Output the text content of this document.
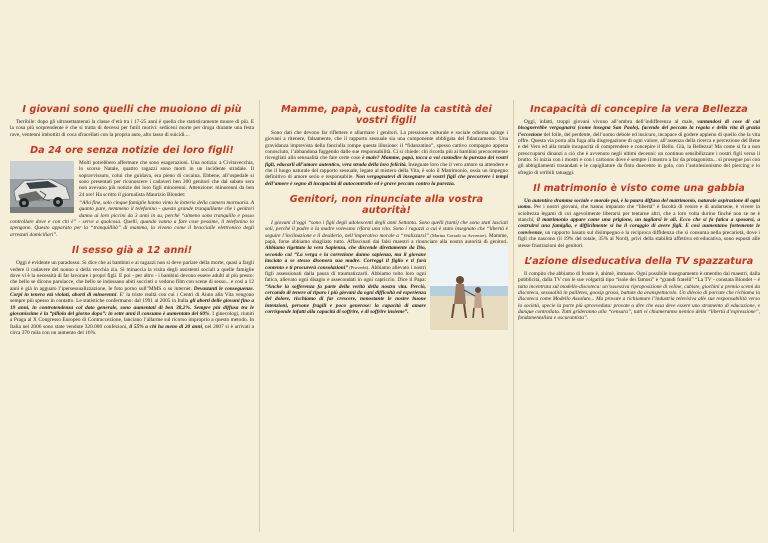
I giovani sono quelli che muoiono di più

Terribile: dopo gli ultrasettantenni la classe d’età tra i 17-25 anni è quella che statisticamente muore di più. E la cosa più sorprendente è che si tratta di decessi per futili motivi: sediceni morte per droga durante una festa rave, ventenni imbottiti di coca sfracellati con la propria auto, alto tasso di suicidi....

Da 24 ore senza notizie dei loro figli!

Molti potrebbero affermare che sono esagerazioni. Una notizia: a Civitavecchia, lo scorso Natale, quattro ragazzi sono morti in un incidente stradale. Il sopravvissuto, colui che guidava, era pieno di cocaina. Ebbene, all’ospedale si sono presentati per riconoscere i cadaveri ben 300 genitori che dal sabato sera non avevano più notizie dei loro figli minorenni. Attenzione: minorenni da ben 24 ore! Ha scritto il giornalista Maurizio Blondet:

“Alla fine, solo cinque famiglie hanno vinto la lotteria della camera mortuaria. A quanto pare, nemmeno il telefonino - questo grande tranquillante che i genitori danno ai loro piccini da 3 anni in su, perché “almeno sono tranquillo e posso controllare dove e con chi è” - serve a qualcosa. Quelli, quando vanno a fare cose pessime, il telefonino lo spengono. Questo apparato per la “tranquillità” di mamma, la vivono come il braccialle elettronico degli arrestati domiciliari”.

Il sesso già a 12 anni!

Oggi è evidente un paradosso. Si dice che ai bambini e ai ragazzi non si deve parlare della morte, quasi a fargli vedere il cadavere del nonno o della vecchia zia. Si minaccia la visita degli assistenti sociali a quelle famiglie dove vi è la necessità di far lavorare i propri figli. E poi - per altro - i bambini devono essere adulti al più presto: che bello se dicono parolacce, che bello se indossano abiti succinti o vedono film con scene di sesso... e così a 12 anni è già in agguato l’ipersessualizzazione, le foto porno sull”MMS o su internet. Devastanti le conseguenze. Corpi in tenera età violati, aborti di minorenni. E’ la triste realtà con cui i Centri di Aiuto alla Vita vengono sempre più spesso in contatto. Le statistiche confermano: dal 1991 al 2005 in Italia gli aborti delle giovani fino a 19 anni, in controtendenza col dato generale, sono aumentati di ben 38,2%. Sempre più diffusa tra le giovanissime è la “pillola del giorno dopo”: in sette anni il consumo è aumentato del 60%. I ginecologi, riuniti a Praga al X Congresso Europeo di Contraccezione, lanciano l’allarme sul ricorso improprio a questo metodo. In Italia nel 2006 sono state vendute 320.000 confezioni, il 55% a chi ha meno di 20 anni, nel 2007 si è arrivati a circa 370 mila con un aumento del 16%.

Mamme, papà, custodite la castità dei vostri figli!

Sono dati che devono far riflettere e allarmare i genitori. La pressione culturale e sociale odierna spinge i giovani a ritenere, falsamente, che il rapporto sessuale sia una componente obbligata del fidanzamento. Una gravidanza imprevista della fanciulla rompe questa illusione: il “fidanzatino”, spesso cattivo compagno appena conosciuto, l’abbandona fuggendo dalle sue responsabilità. Ci si chiede: chi ricorda più ai bambini precocemente risvegliati alla sensualità che fare certe cose è male? Mamme, papà, tocca a voi custodire la purezza dei vostri figli, educarli all’amore autentico, vera strada della loro felicità. Insegnate loro che il vero amore sa attendere e che il luogo naturale del rapporto sessuale, legato al mistero della Vita, è solo il Matrimonio, ossia un impegno definitivo di amore serio e responsabile. Non vergognatevi di insegnare ai vostri figli che precorrere i tempi dell’amore è segno di incapacità di autocontrollo ed è grave peccato contro la purezza.

Genitori, non rinunciate alla vostra autorità!

I giovani d’oggi “sono i figli degli adolescenti degli anni Settanta. Sono quelli (tanti) che sono stati lasciati soli, perché il padre o la madre volevano rifarsi una vita. Sono i ragazzi a cui è stato insegnato che “libertà è seguire l’inclinazione e il desiderio, nell’imperativo morale a “realizzarsi” (Marina Corradi su Avvenire). Mamme, papà, forse abbiamo sbagliato tutto. Affascinati dai falsi maestri a rinunciare alla nostra autorità di genitori.
Abbiamo rigettato la vera Sapienza, che discende direttamente da Dio, secondo cui “La verga e la correzione danno sapienza, ma il giovane lasciato a se stesso disonora sua madre. Correggi il figlio e ti farà contento e ti procurerà consolazioni” (Proverbi). Abbiamo allevato i nostri figli assessionati dalla paura di traumatizzarli. Abbiamo tolto loro ogni fatica, allevato ogni disagio e assecondati in ogni capriccio. Dice il Papa: “Anche la sofferenza fa parte della verità della nostra vita. Perciò, cercando di tenere al riparo i più giovani da ogni difficoltà ed esperienza del dolore, rischiamo di far crescere, nonostante le nostre buone intenzioni, persone fragili e poco generose: la capacità di amare corrisponde infatti alla capacità di soffrire, e di soffrire insieme”.

Incapacità di concepire la vera Bellezza

Oggi, infatti, troppi giovani vivono all’ombra dell’indifferenza al male, vantandosi di cose di cui bisognerebbe vergognarsi (come insegna San Paolo), facendo del peccato la regola e della vita di grazia l’eccezione del folle, del perdente, dell’uomo debole ed insicuro, incapace di godere appieno di quello che la vita offre. Questa via porta alla fuga alla disgregazione di ogni valore, all’assenza della ricerca e percezione del Bene e del Vero ed alla totale incapacità di comprendere e concepire il Bello. Già, la Bellezza! Ma come si fa a non preoccuparsi dinanzi a ciò che è avvenuto negli ultimi decenni: un continuo sensibilizzare i nostri figli verso il brutto. Si inizia con i mostri e con i cartoons dove è sempre il mostro a far da protagonista... si prosegue poi con gli abbigliamenti trasandati e le capigliature da finto duecento in gola, con l’autolesionismo del piercing e lo sfregio di orribili tatuaggi.

Il matrimonio è visto come una gabbia

Un autentico dramma sociale e morale poi, è la paura diffusa del matrimonio, naturale aspirazione di ogni uomo. Per i nostri giovani, che hanno imparato che “libertà” è facoltà di venire e di andarsene, è vivere in scioltezza legami di cui agevolmente liberarsi per tentarne altri, che a loro volta durino finché non se ne è stanchi, il matrimonio appare come una prigione, un tagliarsi le ali. Ecco che si fa fatica a sposarsi, a costruirsi una famiglia, e difficilmente si ha il coraggio di avere figli. E così aumentano fortemente le convivenze, un rapporto basato sul disimpegno e la reciproca diffidenza che si consuma nella precarietà, dove i figli che nascono (il 19% del totale, 35% al Nord), privi della stabilità affettiva ed educativa, sono esposti alle stesse frustrazioni dei genitori.

L’azione diseducativa della TV spazzatura

Il compito che abbiamo di fronte è, ahimè, immane. Ogni possibile insegnamento è smentito dai maestri, dalla pubblicità, dalla TV con le sue volgarità tipo “isole dei famosi” e “grandi fratelli” “La TV - constata Blondet – è tutta incentrata sul modello-discoteca: un’ossessiva riproposizione di veline, cubiste, giochini a premio scemi da discoteca, sessualità in pailletes, goosip grossi, battute da avanspettacolo. Un dileoio di porcate che richiama la discoteca come Modello Assoluto... Ma provate a richiamare l’industria televisiva alle sue responsabilità verso la società, specie la parte più sprovveduta: provate a dire che essa deve essere uno strumento di educazione, e dunque controllata. Tutti grideranno alla “censura”, tutti vi chiameranno nemico della “libertà d’espressione”, fondamentalista e oscurantista”.
